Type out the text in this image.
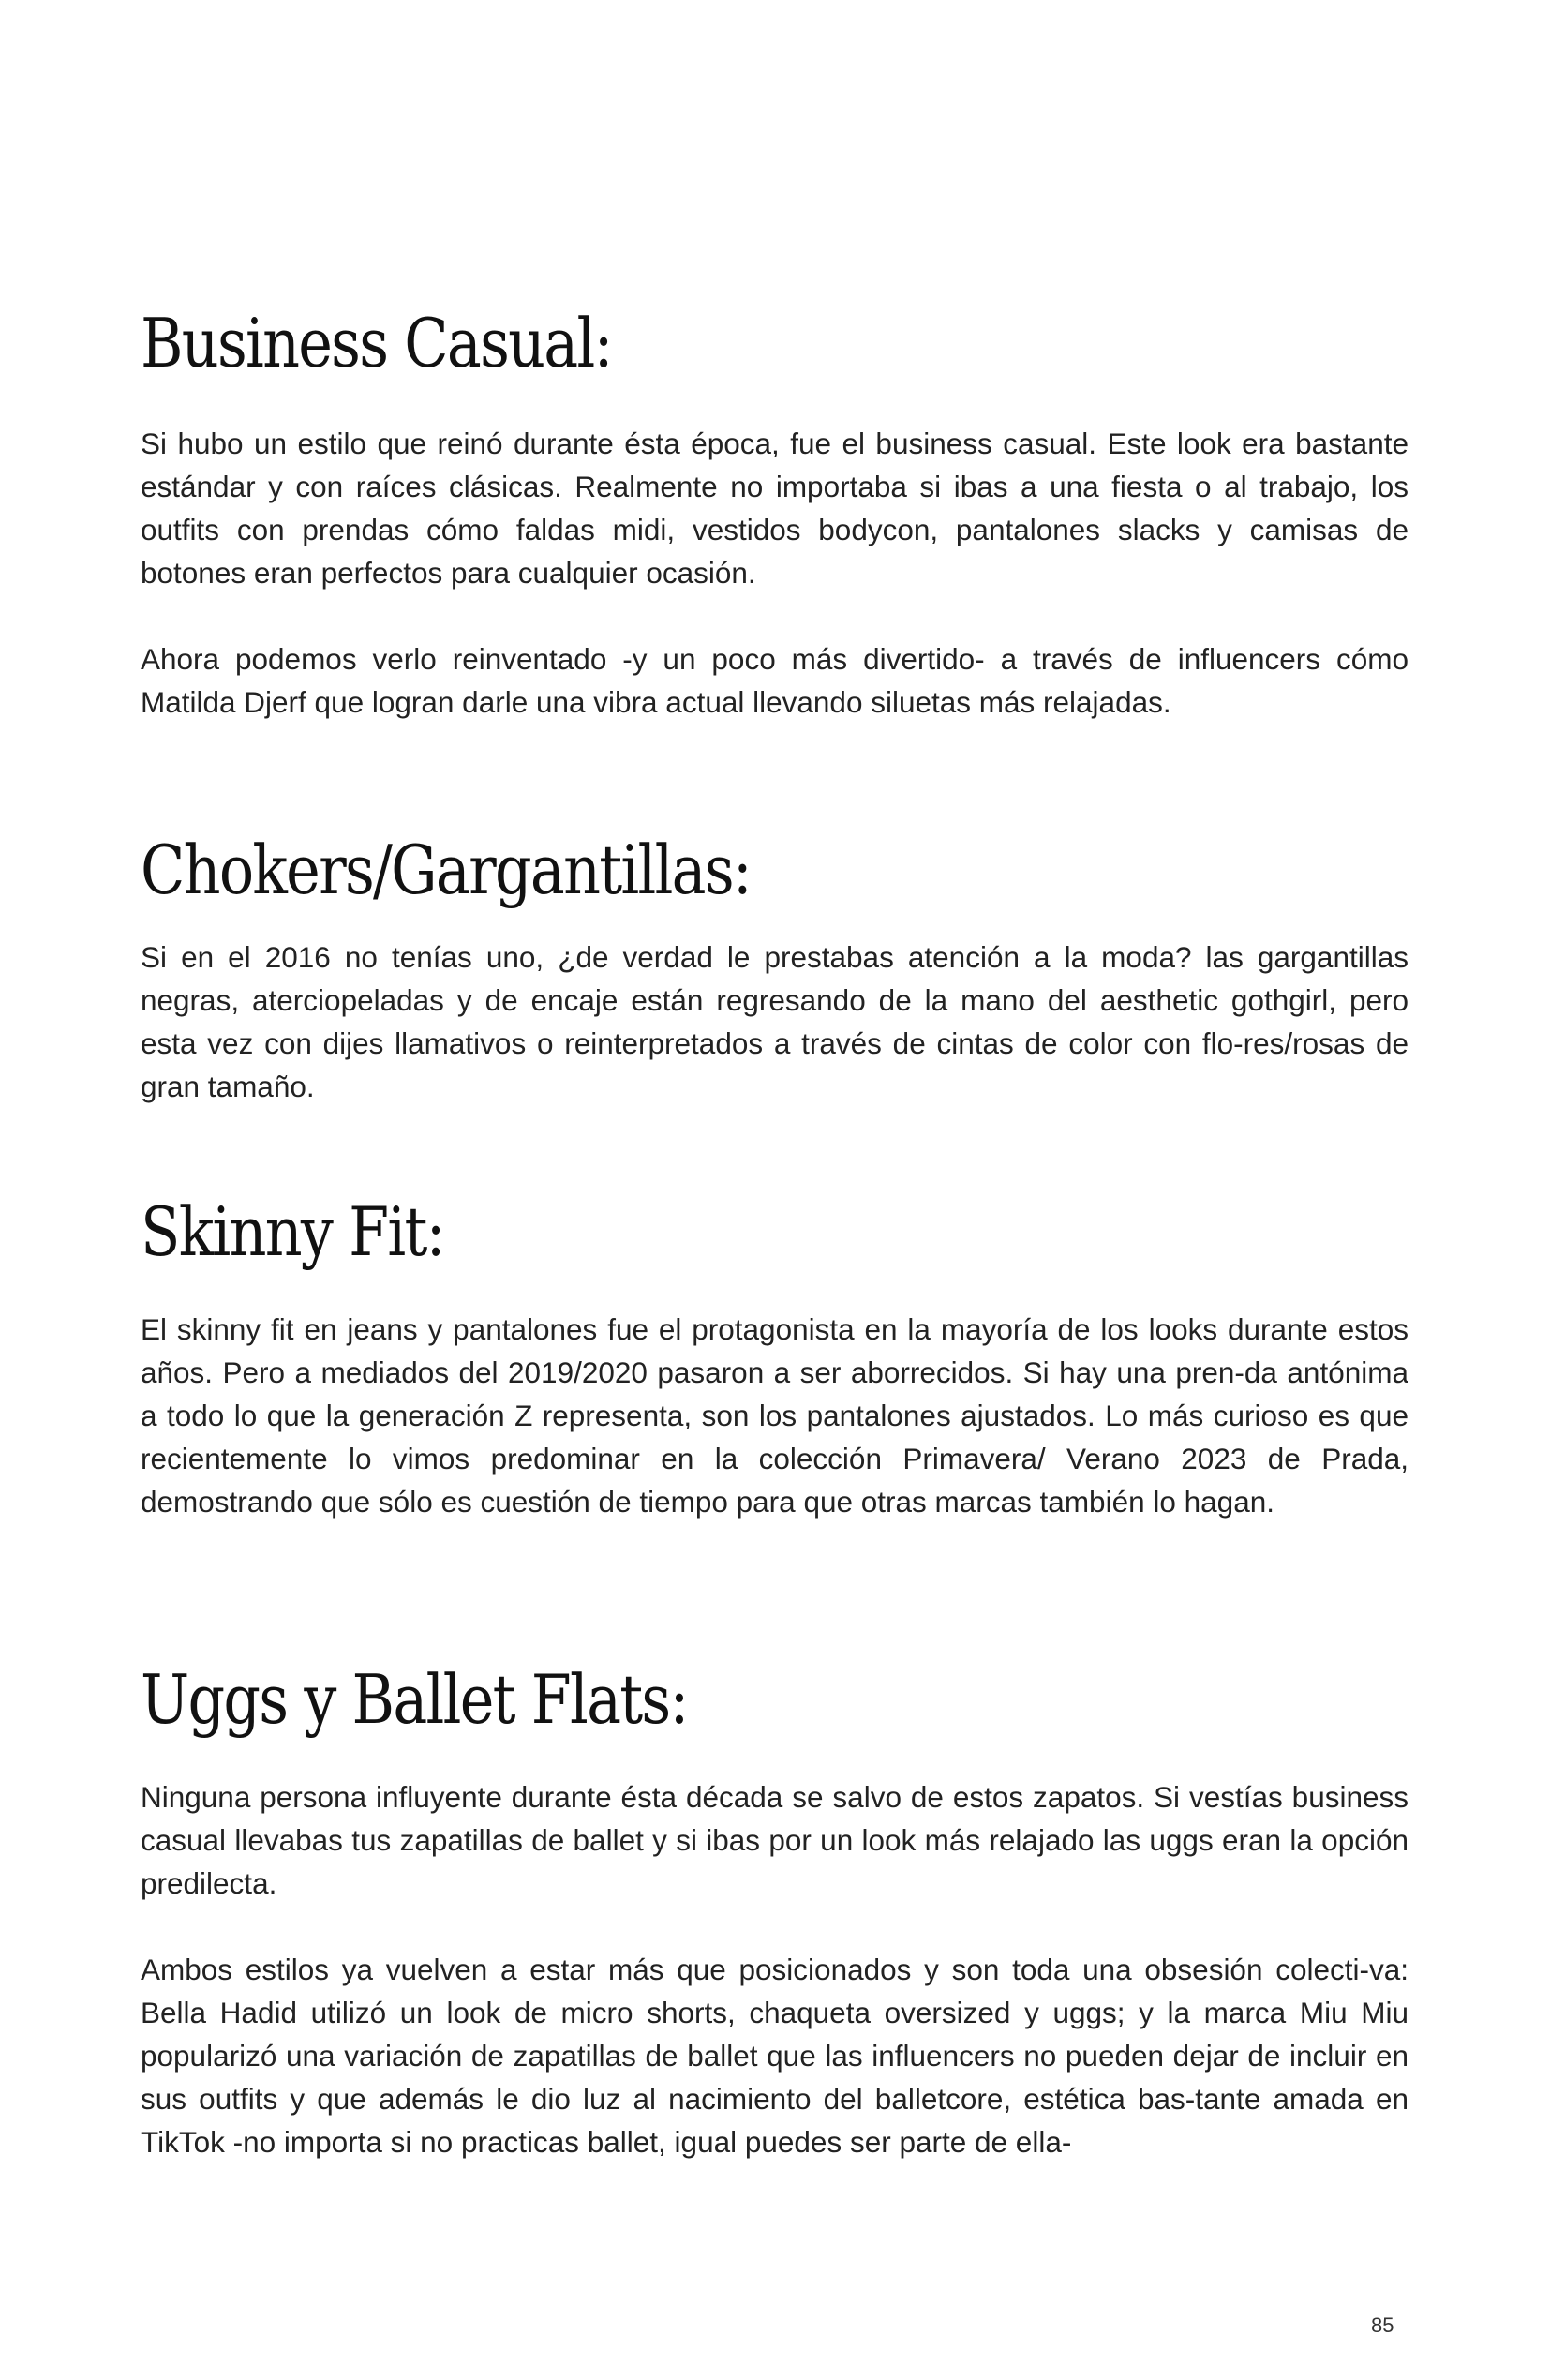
Business Casual:

Si hubo un estilo que reinó durante ésta época, fue el business casual. Este look era bastante estándar y con raíces clásicas. Realmente no importaba si ibas a una fiesta o al trabajo, los outfits con prendas cómo faldas midi, vestidos bodycon, pantalones slacks y camisas de botones eran perfectos para cualquier ocasión.

Ahora podemos verlo reinventado -y un poco más divertido- a través de influencers cómo Matilda Djerf que logran darle una vibra actual llevando siluetas más relajadas.

Chokers/Gargantillas:

Si en el 2016 no tenías uno, ¿de verdad le prestabas atención a la moda? las gargantillas negras, aterciopeladas y de encaje están regresando de la mano del aesthetic gothgirl, pero esta vez con dijes llamativos o reinterpretados a través de cintas de color con flo-res/rosas de gran tamaño.

Skinny Fit:

El skinny fit en jeans y pantalones fue el protagonista en la mayoría de los looks durante estos años. Pero a mediados del 2019/2020 pasaron a ser aborrecidos. Si hay una pren-da antónima a todo lo que la generación Z representa, son los pantalones ajustados. Lo más curioso es que recientemente lo vimos predominar en la colección Primavera/ Verano 2023 de Prada, demostrando que sólo es cuestión de tiempo para que otras marcas también lo hagan.

Uggs y Ballet Flats:

Ninguna persona influyente durante ésta década se salvo de estos zapatos. Si vestías business casual llevabas tus zapatillas de ballet y si ibas por un look más relajado las uggs eran la opción predilecta.

Ambos estilos ya vuelven a estar más que posicionados y son toda una obsesión colecti-va: Bella Hadid utilizó un look de micro shorts, chaqueta oversized y uggs; y la marca Miu Miu popularizó una variación de zapatillas de ballet que las influencers no pueden dejar de incluir en sus outfits y que además le dio luz al nacimiento del balletcore, estética bas-tante amada en TikTok -no importa si no practicas ballet, igual puedes ser parte de ella-

85
